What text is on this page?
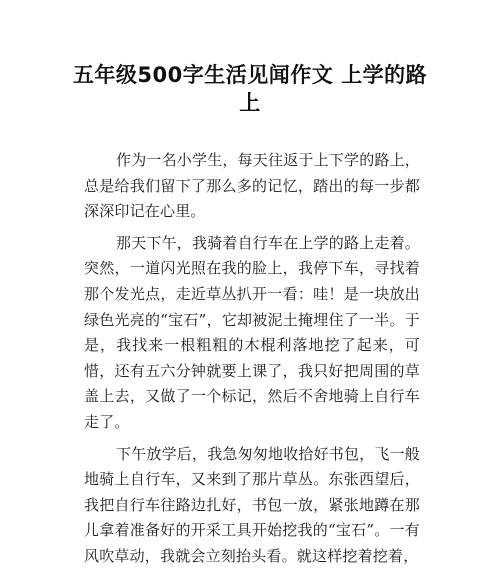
五年级500字生活见闻作文 上学的路上

作为一名小学生，每天往返于上下学的路上，总是给我们留下了那么多的记忆，踏出的每一步都深深印记在心里。

那天下午，我骑着自行车在上学的路上走着。突然，一道闪光照在我的脸上，我停下车，寻找着那个发光点，走近草丛扒开一看：哇！是一块放出绿色光亮的“宝石”，它却被泥土掩埋住了一半。于是，我找来一根粗粗的木棍利落地挖了起来，可惜，还有五六分钟就要上课了，我只好把周围的草盖上去，又做了一个标记，然后不舍地骑上自行车走了。

下午放学后，我急匆匆地收拾好书包，飞一般地骑上自行车，又来到了那片草丛。东张西望后，我把自行车往路边扎好，书包一放，紧张地蹲在那儿拿着准备好的开采工具开始挖我的“宝石”。一有风吹草动，我就会立刻抬头看。就这样挖着挖着，
